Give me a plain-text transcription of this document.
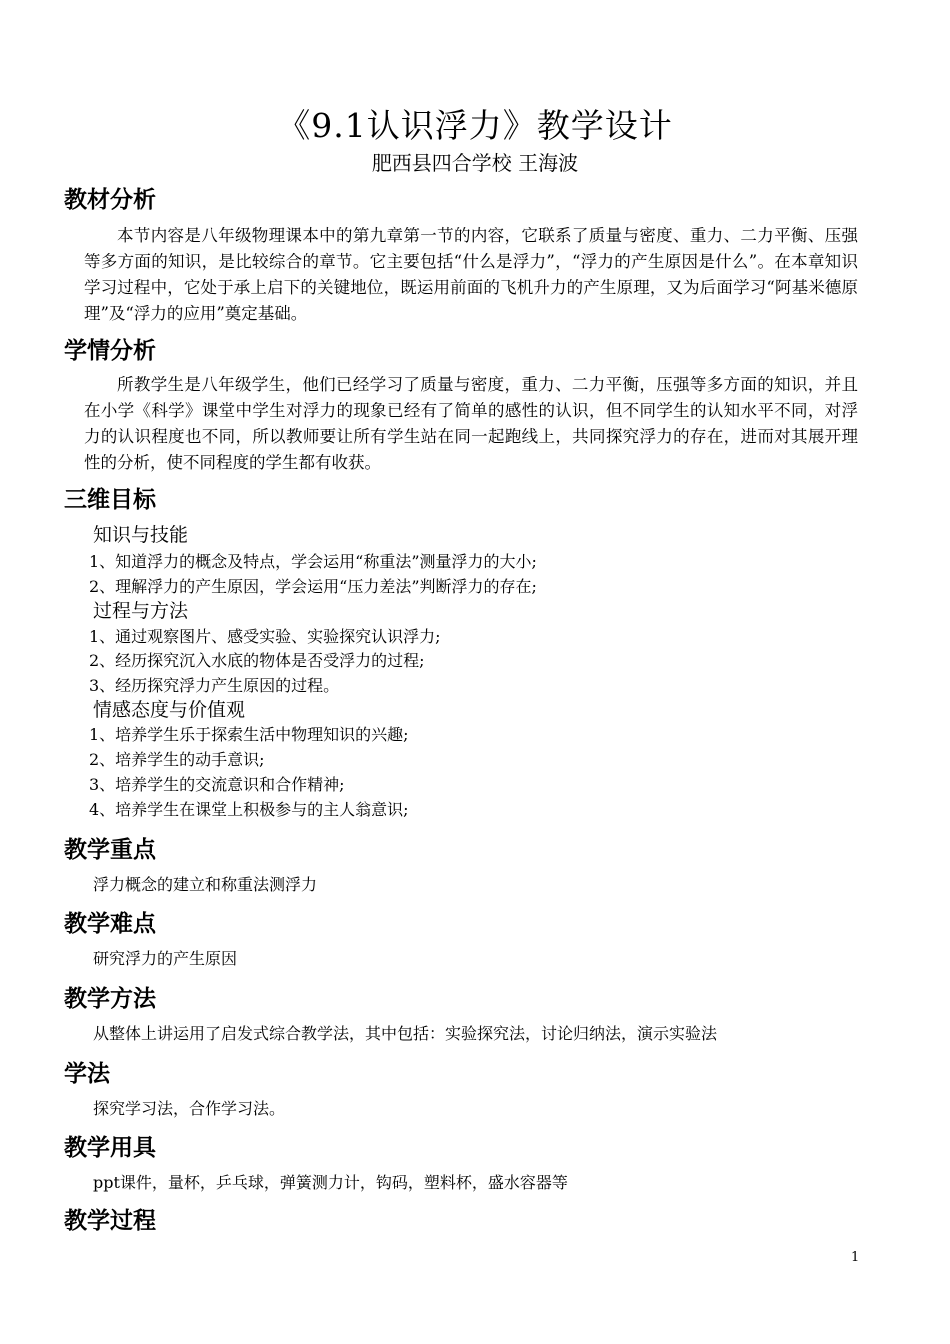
《9.1认识浮力》教学设计
肥西县四合学校 王海波
教材分析

本节内容是八年级物理课本中的第九章第一节的内容，它联系了质量与密度、重力、二力平衡、压强等多方面的知识，是比较综合的章节。它主要包括“什么是浮力”，“浮力的产生原因是什么”。在本章知识学习过程中，它处于承上启下的关键地位，既运用前面的飞机升力的产生原理，又为后面学习“阿基米德原理”及“浮力的应用”奠定基础。

学情分析

所教学生是八年级学生，他们已经学习了质量与密度，重力、二力平衡，压强等多方面的知识，并且在小学《科学》课堂中学生对浮力的现象已经有了简单的感性的认识，但不同学生的认知水平不同，对浮力的认识程度也不同，所以教师要让所有学生站在同一起跑线上，共同探究浮力的存在，进而对其展开理性的分析，使不同程度的学生都有收获。

三维目标
知识与技能
1、知道浮力的概念及特点，学会运用“称重法”测量浮力的大小;
2、理解浮力的产生原因，学会运用“压力差法”判断浮力的存在;
过程与方法
1、通过观察图片、感受实验、实验探究认识浮力;
2、经历探究沉入水底的物体是否受浮力的过程;
3、经历探究浮力产生原因的过程。
情感态度与价值观
1、培养学生乐于探索生活中物理知识的兴趣;
2、培养学生的动手意识;
3、培养学生的交流意识和合作精神;
4、培养学生在课堂上积极参与的主人翁意识;
教学重点
浮力概念的建立和称重法测浮力
教学难点
研究浮力的产生原因
教学方法
从整体上讲运用了启发式综合教学法，其中包括：实验探究法，讨论归纳法，演示实验法
学法
探究学习法，合作学习法。
教学用具
ppt课件，量杯，乒乓球，弹簧测力计，钩码，塑料杯，盛水容器等
教学过程
1
